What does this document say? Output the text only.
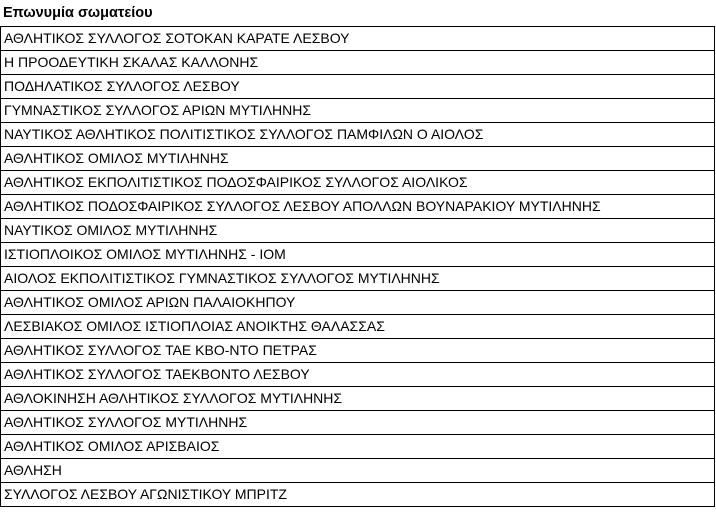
Επωνυμία σωματείου
ΑΘΛΗΤΙΚΟΣ ΣΥΛΛΟΓΟΣ ΣΟΤΟΚΑΝ ΚΑΡΑΤΕ ΛΕΣΒΟΥ
Η ΠΡΟΟΔΕΥΤΙΚΗ ΣΚΑΛΑΣ ΚΑΛΛΟΝΗΣ
ΠΟΔΗΛΑΤΙΚΟΣ ΣΥΛΛΟΓΟΣ ΛΕΣΒΟΥ
ΓΥΜΝΑΣΤΙΚΟΣ ΣΥΛΛΟΓΟΣ ΑΡΙΩΝ ΜΥΤΙΛΗΝΗΣ
ΝΑΥΤΙΚΟΣ ΑΘΛΗΤΙΚΟΣ ΠΟΛΙΤΙΣΤΙΚΟΣ ΣΥΛΛΟΓΟΣ ΠΑΜΦΙΛΩΝ Ο ΑΙΟΛΟΣ
ΑΘΛΗΤΙΚΟΣ ΟΜΙΛΟΣ ΜΥΤΙΛΗΝΗΣ
ΑΘΛΗΤΙΚΟΣ ΕΚΠΟΛΙΤΙΣΤΙΚΟΣ ΠΟΔΟΣΦΑΙΡΙΚΟΣ ΣΥΛΛΟΓΟΣ ΑΙΟΛΙΚΟΣ
ΑΘΛΗΤΙΚΟΣ ΠΟΔΟΣΦΑΙΡΙΚΟΣ ΣΥΛΛΟΓΟΣ ΛΕΣΒΟΥ ΑΠΟΛΛΩΝ ΒΟΥΝΑΡΑΚΙΟΥ ΜΥΤΙΛΗΝΗΣ
ΝΑΥΤΙΚΟΣ ΟΜΙΛΟΣ ΜΥΤΙΛΗΝΗΣ
ΙΣΤΙΟΠΛΟΙΚΟΣ ΟΜΙΛΟΣ ΜΥΤΙΛΗΝΗΣ - ΙΟΜ
ΑΙΟΛΟΣ ΕΚΠΟΛΙΤΙΣΤΙΚΟΣ ΓΥΜΝΑΣΤΙΚΟΣ ΣΥΛΛΟΓΟΣ ΜΥΤΙΛΗΝΗΣ
ΑΘΛΗΤΙΚΟΣ ΟΜΙΛΟΣ ΑΡΙΩΝ ΠΑΛΑΙΟΚΗΠΟΥ
ΛΕΣΒΙΑΚΟΣ ΟΜΙΛΟΣ ΙΣΤΙΟΠΛΟΙΑΣ ΑΝΟΙΚΤΗΣ ΘΑΛΑΣΣΑΣ
ΑΘΛΗΤΙΚΟΣ ΣΥΛΛΟΓΟΣ ΤΑΕ ΚΒΟ-ΝΤΟ ΠΕΤΡΑΣ
ΑΘΛΗΤΙΚΟΣ ΣΥΛΛΟΓΟΣ ΤΑΕΚΒΟΝΤΟ ΛΕΣΒΟΥ
ΑΘΛΟΚΙΝΗΣΗ ΑΘΛΗΤΙΚΟΣ ΣΥΛΛΟΓΟΣ ΜΥΤΙΛΗΝΗΣ
ΑΘΛΗΤΙΚΟΣ ΣΥΛΛΟΓΟΣ ΜΥΤΙΛΗΝΗΣ
ΑΘΛΗΤΙΚΟΣ ΟΜΙΛΟΣ ΑΡΙΣΒΑΙΟΣ
ΑΘΛΗΣΗ
ΣΥΛΛΟΓΟΣ ΛΕΣΒΟΥ ΑΓΩΝΙΣΤΙΚΟΥ ΜΠΡΙΤΖ
